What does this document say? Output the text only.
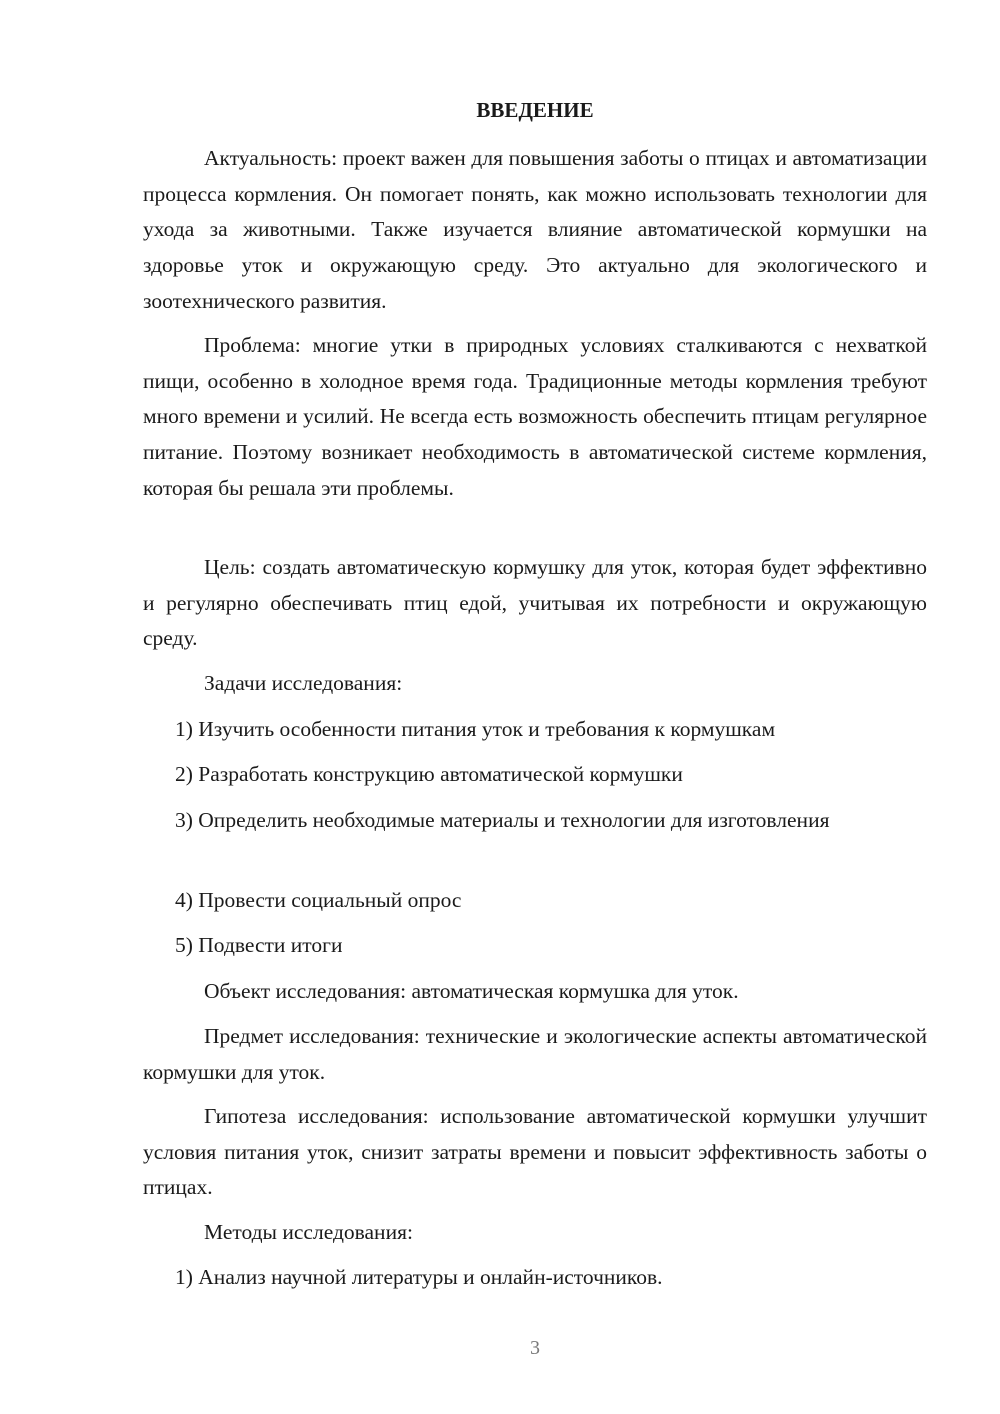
ВВЕДЕНИЕ

Актуальность: проект важен для повышения заботы о птицах и автоматизации процесса кормления. Он помогает понять, как можно использовать технологии для ухода за животными. Также изучается влияние автоматической кормушки на здоровье уток и окружающую среду. Это актуально для экологического и зоотехнического развития.

Проблема: многие утки в природных условиях сталкиваются с нехваткой пищи, особенно в холодное время года. Традиционные методы кормления требуют много времени и усилий. Не всегда есть возможность обеспечить птицам регулярное питание. Поэтому возникает необходимость в автоматической системе кормления, которая бы решала эти проблемы.

Цель: создать автоматическую кормушку для уток, которая будет эффективно и регулярно обеспечивать птиц едой, учитывая их потребности и окружающую среду.

Задачи исследования:

1) Изучить особенности питания уток и требования к кормушкам

2) Разработать конструкцию автоматической кормушки

3) Определить необходимые материалы и технологии для изготовления

4) Провести социальный опрос

5) Подвести итоги

Объект исследования: автоматическая кормушка для уток.

Предмет исследования: технические и экологические аспекты автоматической кормушки для уток.

Гипотеза исследования: использование автоматической кормушки улучшит условия питания уток, снизит затраты времени и повысит эффективность заботы о птицах.

Методы исследования:

1) Анализ научной литературы и онлайн-источников.

3
